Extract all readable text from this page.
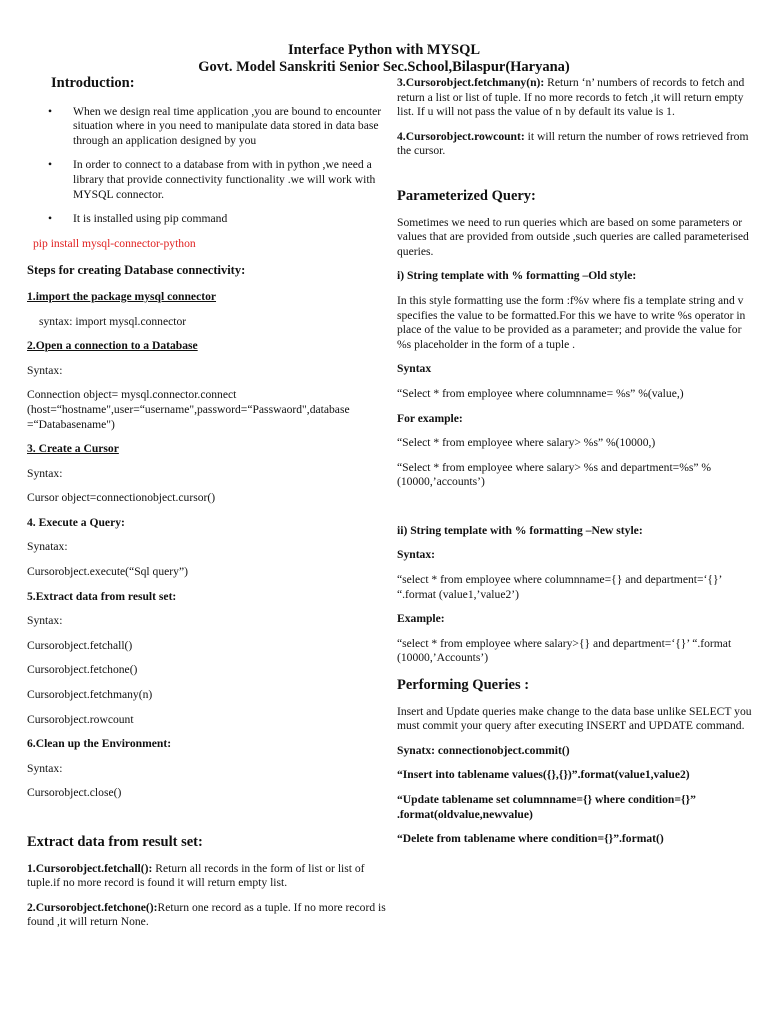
Interface Python with MYSQL
Govt. Model Sanskriti Senior Sec.School,Bilaspur(Haryana)
Introduction:
• When we design real time application ,you are bound to encounter situation where in you need to manipulate data stored in data base through an application designed by you
• In order to connect to a database from with in python ,we need a library that provide connectivity functionality .we will work with MYSQL connector.
• It is installed using pip command

pip install mysql-connector-python

Steps for creating Database connectivity:

1.import the package mysql connector

syntax: import mysql.connector

2.Open a connection to a Database

Syntax:

Connection object= mysql.connector.connect (host=“hostname",user=“username",password=“Passwaord",database =“Databasename")

3. Create a Cursor

Syntax:

Cursor object=connectionobject.cursor()

4. Execute a Query:

Synatax:

Cursorobject.execute(“Sql query”)

5.Extract data from result set:

Syntax:

Cursorobject.fetchall()

Cursorobject.fetchone()

Cursorobject.fetchmany(n)

Cursorobject.rowcount

6.Clean up the Environment:

Syntax:

Cursorobject.close()

Extract data from result set:

1.Cursorobject.fetchall(): Return all records in the form of list or list of tuple.if no more record is found it will return empty list.

2.Cursorobject.fetchone():Return one record as a tuple. If no more record is found ,it will return None.

3.Cursorobject.fetchmany(n): Return ‘n’ numbers of records to fetch and return a list or list of tuple. If no more records to fetch ,it will return empty list. If u will not pass the value of n by default its value is 1.

4.Cursorobject.rowcount: it will return the number of rows retrieved from the cursor.

Parameterized Query:

Sometimes we need to run queries which are based on some parameters or values that are provided from outside ,such queries are called parameterised queries.

i) String template with % formatting –Old style:

In this style formatting use the form :f%v where fis a template string and v specifies the value to be formatted.For this we have to write %s operator in place of the value to be provided as a parameter; and provide the value for %s placeholder in the form of a tuple .

Syntax

“Select * from employee where columnname= %s” %(value,)

For example:

“Select * from employee where salary> %s” %(10000,)

“Select * from employee where salary> %s and department=%s” %(10000,’accounts’)

ii) String template with % formatting –New style:

Syntax:

“select * from employee where columnname={} and department=‘{}’ “.format (value1,’value2’)

Example:

“select * from employee where salary>{} and department=‘{}’ “.format (10000,’Accounts’)

Performing Queries :

Insert and Update queries make change to the data base unlike SELECT you must commit your query after executing INSERT and UPDATE command.

Synatx: connectionobject.commit()

“Insert into tablename values({},{})”.format(value1,value2)

“Update tablename set columnname={} where condition={}” .format(oldvalue,newvalue)

“Delete from tablename where condition={}”.format()
